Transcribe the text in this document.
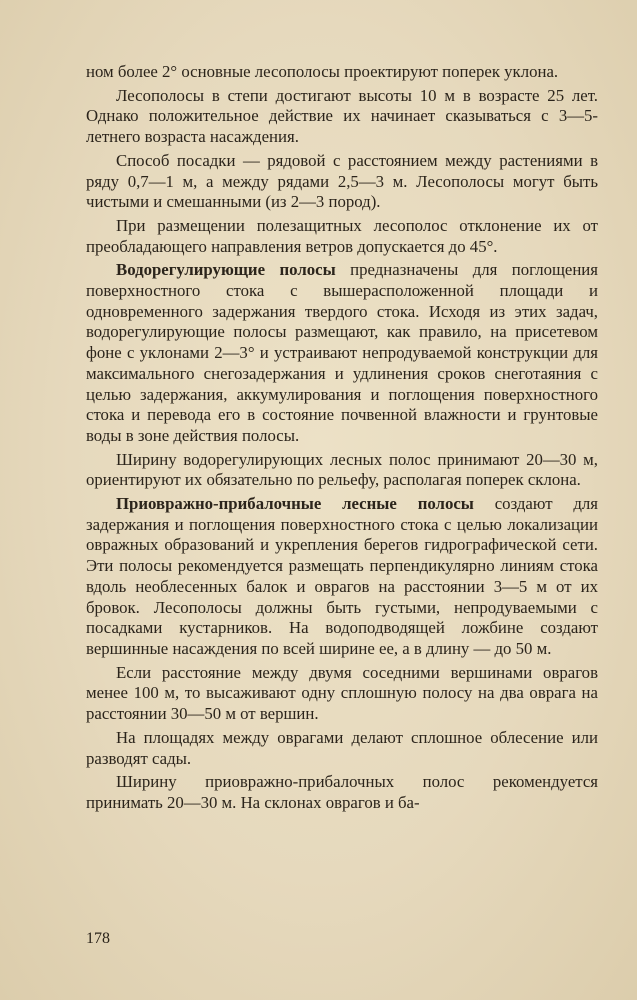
ном более 2° основные лесополосы проектируют поперек уклона.

Лесополосы в степи достигают высоты 10 м в возрасте 25 лет. Однако положительное действие их начинает сказываться с 3—5-летнего возраста насаждения.

Способ посадки — рядовой с расстоянием между растениями в ряду 0,7—1 м, а между рядами 2,5—3 м. Лесополосы могут быть чистыми и смешанными (из 2—3 пород).

При размещении полезащитных лесополос отклонение их от преобладающего направления ветров допускается до 45°.

Водорегулирующие полосы предназначены для поглощения поверхностного стока с вышерасположенной площади и одновременного задержания твердого стока. Исходя из этих задач, водорегулирующие полосы размещают, как правило, на присетевом фоне с уклонами 2—3° и устраивают непродуваемой конструкции для максимального снегозадержания и удлинения сроков снеготаяния с целью задержания, аккумулирования и поглощения поверхностного стока и перевода его в состояние почвенной влажности и грунтовые воды в зоне действия полосы.

Ширину водорегулирующих лесных полос принимают 20—30 м, ориентируют их обязательно по рельефу, располагая поперек склона.

Приовражно-прибалочные лесные полосы создают для задержания и поглощения поверхностного стока с целью локализации овражных образований и укрепления берегов гидрографической сети. Эти полосы рекомендуется размещать перпендикулярно линиям стока вдоль необлесенных балок и оврагов на расстоянии 3—5 м от их бровок. Лесополосы должны быть густыми, непродуваемыми с посадками кустарников. На водоподводящей ложбине создают вершинные насаждения по всей ширине ее, а в длину — до 50 м.

Если расстояние между двумя соседними вершинами оврагов менее 100 м, то высаживают одну сплошную полосу на два оврага на расстоянии 30—50 м от вершин.

На площадях между оврагами делают сплошное облесение или разводят сады.

Ширину приовражно-прибалочных полос рекомендуется принимать 20—30 м. На склонах оврагов и ба-

178
